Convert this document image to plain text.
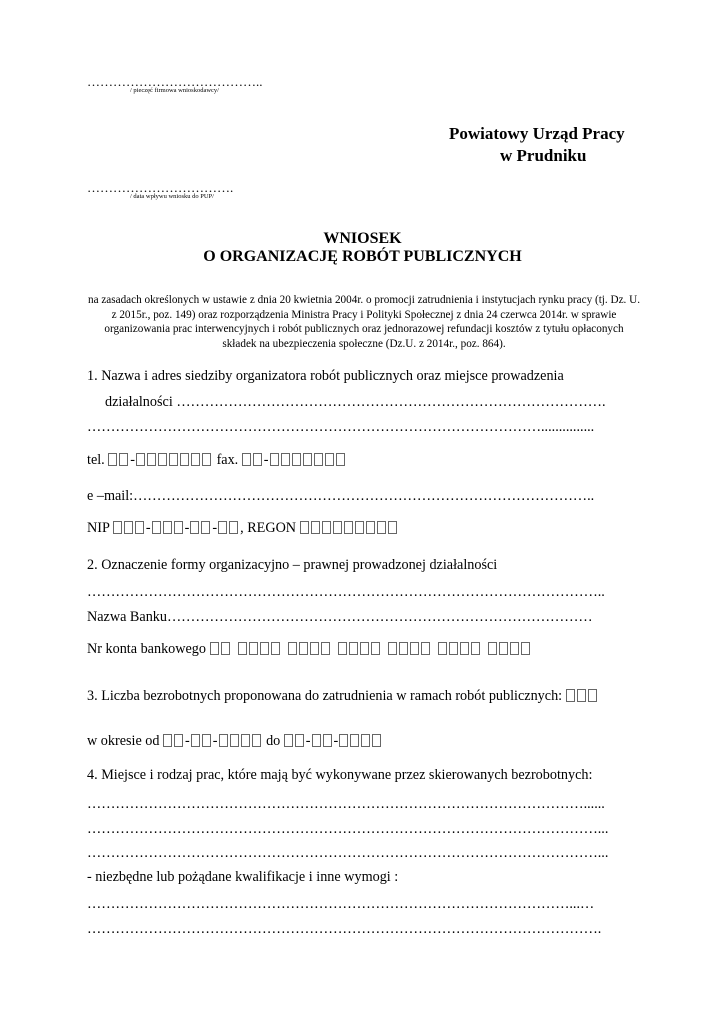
…………………………………..
/ pieczęć firmowa wnioskodawcy/
Powiatowy Urząd Pracy
w Prudniku
…………………………….
/ data wpływu wniosku do PUP/
WNIOSEK
O ORGANIZACJĘ ROBÓT PUBLICZNYCH
na zasadach określonych w ustawie z dnia 20 kwietnia 2004r. o promocji zatrudnienia i instytucjach rynku pracy (tj. Dz. U. z 2015r., poz. 149) oraz rozporządzenia Ministra Pracy i Polityki Społecznej z dnia 24 czerwca 2014r. w sprawie organizowania prac interwencyjnych i robót publicznych oraz jednorazowej refundacji kosztów z tytułu opłaconych składek na ubezpieczenia społeczne (Dz.U. z 2014r., poz. 864).
1. Nazwa i adres siedziby organizatora robót publicznych oraz miejsce prowadzenia
działalności ……………………………………………………………………………….
……………………………………………………………………………………...............
tel. -	fax. -
e –mail:……………………………………………………………………………………..
NIP - - - , REGON
2. Oznaczenie formy organizacyjno – prawnej prowadzonej działalności
………………………………………………………………………………………………..
Nazwa Banku………………………………………………………………………………
Nr konta bankowego
3. Liczba bezrobotnych proponowana do zatrudnienia w ramach robót publicznych:
w okresie od - -	do - -
4. Miejsce i rodzaj prac, które mają być wykonywane przez skierowanych bezrobotnych:
……………………………………………………………………………………………......
………………………………………………………………………………………………...
………………………………………………………………………………………………...
- niezbędne lub pożądane kwalifikacje i inne wymogi :
…………………………………………………………………………………………...…
……………………………………………………………………………………………….
